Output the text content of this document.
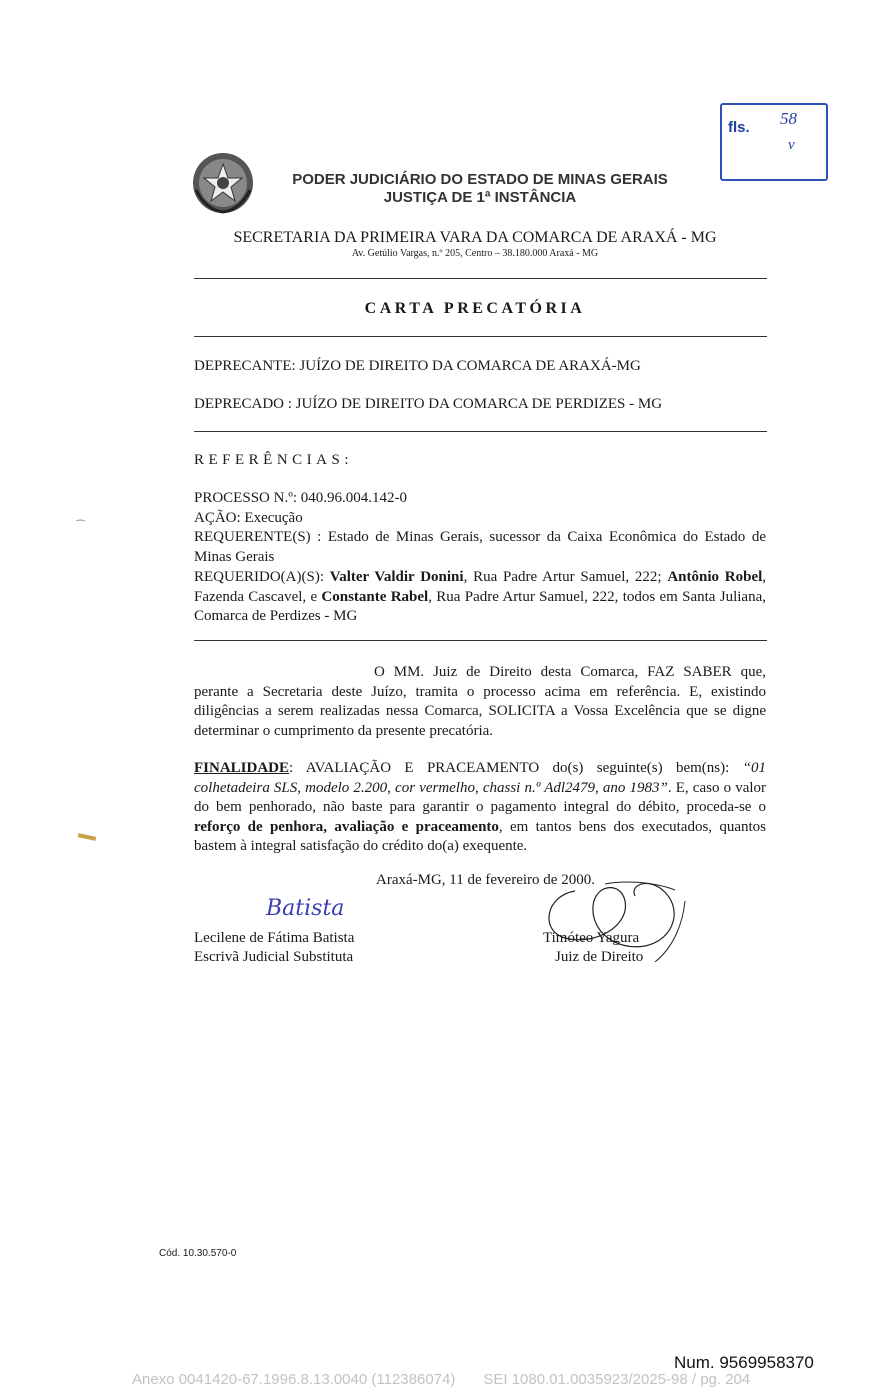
fls. 58
v
PODER JUDICIÁRIO DO ESTADO DE MINAS GERAIS
JUSTIÇA DE 1ª INSTÂNCIA
SECRETARIA DA PRIMEIRA VARA DA COMARCA DE ARAXÁ - MG
Av. Getúlio Vargas, n.º 205, Centro – 38.180.000 Araxá - MG
CARTA PRECATÓRIA
DEPRECANTE: JUÍZO DE DIREITO DA COMARCA DE ARAXÁ-MG
DEPRECADO : JUÍZO DE DIREITO DA COMARCA DE PERDIZES - MG
REFERÊNCIAS:
PROCESSO N.º: 040.96.004.142-0
AÇÃO: Execução
REQUERENTE(S) : Estado de Minas Gerais, sucessor da Caixa Econômica do Estado de Minas Gerais
REQUERIDO(A)(S): Valter Valdir Donini, Rua Padre Artur Samuel, 222; Antônio Robel, Fazenda Cascavel, e Constante Rabel, Rua Padre Artur Samuel, 222, todos em Santa Juliana, Comarca de Perdizes - MG
O MM. Juiz de Direito desta Comarca, FAZ SABER que, perante a Secretaria deste Juízo, tramita o processo acima em referência. E, existindo diligências a serem realizadas nessa Comarca, SOLICITA a Vossa Excelência que se digne determinar o cumprimento da presente precatória.
FINALIDADE: AVALIAÇÃO E PRACEAMENTO do(s) seguinte(s) bem(ns): “01 colhetadeira SLS, modelo 2.200, cor vermelho, chassi n.º Adl2479, ano 1983”. E, caso o valor do bem penhorado, não baste para garantir o pagamento integral do débito, proceda-se o reforço de penhora, avaliação e praceamento, em tantos bens dos executados, quantos bastem à integral satisfação do crédito do(a) exequente.
Araxá-MG, 11 de fevereiro de 2000.
Batista
Lecilene de Fátima Batista
Escrivã Judicial Substituta
Timóteo Yagura
Juiz de Direito
⁀
Cód. 10.30.570-0
Num. 9569958370
Anexo 0041420-67.1996.8.13.0040 (112386074) SEI 1080.01.0035923/2025-98 / pg. 204
